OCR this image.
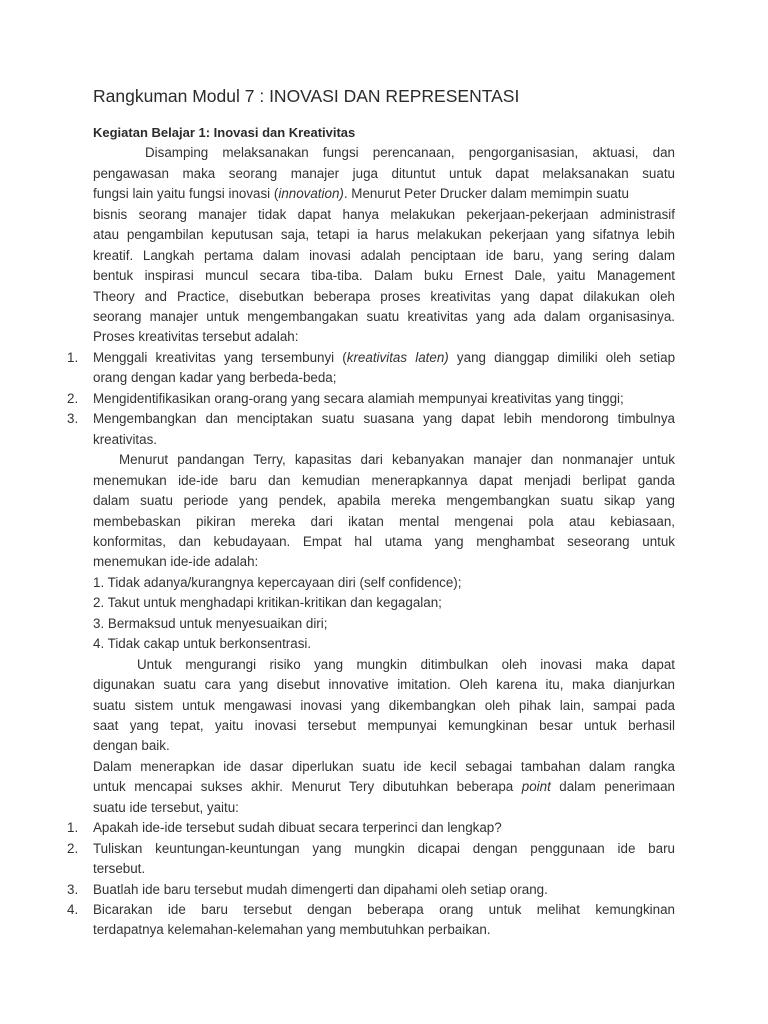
Rangkuman Modul 7 : INOVASI DAN REPRESENTASI
Kegiatan Belajar 1: Inovasi dan Kreativitas
Disamping melaksanakan fungsi perencanaan, pengorganisasian, aktuasi, dan
pengawasan maka seorang manajer juga dituntut untuk dapat melaksanakan suatu
fungsi lain yaitu fungsi inovasi (innovation). Menurut Peter Drucker dalam memimpin suatu
bisnis seorang manajer tidak dapat hanya melakukan pekerjaan-pekerjaan administrasif
atau pengambilan keputusan saja, tetapi ia harus melakukan pekerjaan yang sifatnya lebih
kreatif. Langkah pertama dalam inovasi adalah penciptaan ide baru, yang sering dalam
bentuk inspirasi muncul secara tiba-tiba. Dalam buku Ernest Dale, yaitu Management
Theory and Practice, disebutkan beberapa proses kreativitas yang dapat dilakukan oleh
seorang manajer untuk mengembangakan suatu kreativitas yang ada dalam organisasinya.
Proses kreativitas tersebut adalah:
1. Menggali kreativitas yang tersembunyi (kreativitas laten) yang dianggap dimiliki oleh setiap
orang dengan kadar yang berbeda-beda;
2. Mengidentifikasikan orang-orang yang secara alamiah mempunyai kreativitas yang tinggi;
3. Mengembangkan dan menciptakan suatu suasana yang dapat lebih mendorong timbulnya
kreativitas.
Menurut pandangan Terry, kapasitas dari kebanyakan manajer dan nonmanajer untuk
menemukan ide-ide baru dan kemudian menerapkannya dapat menjadi berlipat ganda
dalam suatu periode yang pendek, apabila mereka mengembangkan suatu sikap yang
membebaskan pikiran mereka dari ikatan mental mengenai pola atau kebiasaan,
konformitas, dan kebudayaan. Empat hal utama yang menghambat seseorang untuk
menemukan ide-ide adalah:
1. Tidak adanya/kurangnya kepercayaan diri (self confidence);
2. Takut untuk menghadapi kritikan-kritikan dan kegagalan;
3. Bermaksud untuk menyesuaikan diri;
4. Tidak cakap untuk berkonsentrasi.
Untuk mengurangi risiko yang mungkin ditimbulkan oleh inovasi maka dapat
digunakan suatu cara yang disebut innovative imitation. Oleh karena itu, maka dianjurkan
suatu sistem untuk mengawasi inovasi yang dikembangkan oleh pihak lain, sampai pada
saat yang tepat, yaitu inovasi tersebut mempunyai kemungkinan besar untuk berhasil
dengan baik.
Dalam menerapkan ide dasar diperlukan suatu ide kecil sebagai tambahan dalam rangka
untuk mencapai sukses akhir. Menurut Tery dibutuhkan beberapa point dalam penerimaan
suatu ide tersebut, yaitu:
1. Apakah ide-ide tersebut sudah dibuat secara terperinci dan lengkap?
2. Tuliskan keuntungan-keuntungan yang mungkin dicapai dengan penggunaan ide baru
tersebut.
3. Buatlah ide baru tersebut mudah dimengerti dan dipahami oleh setiap orang.
4. Bicarakan ide baru tersebut dengan beberapa orang untuk melihat kemungkinan
terdapatnya kelemahan-kelemahan yang membutuhkan perbaikan.
